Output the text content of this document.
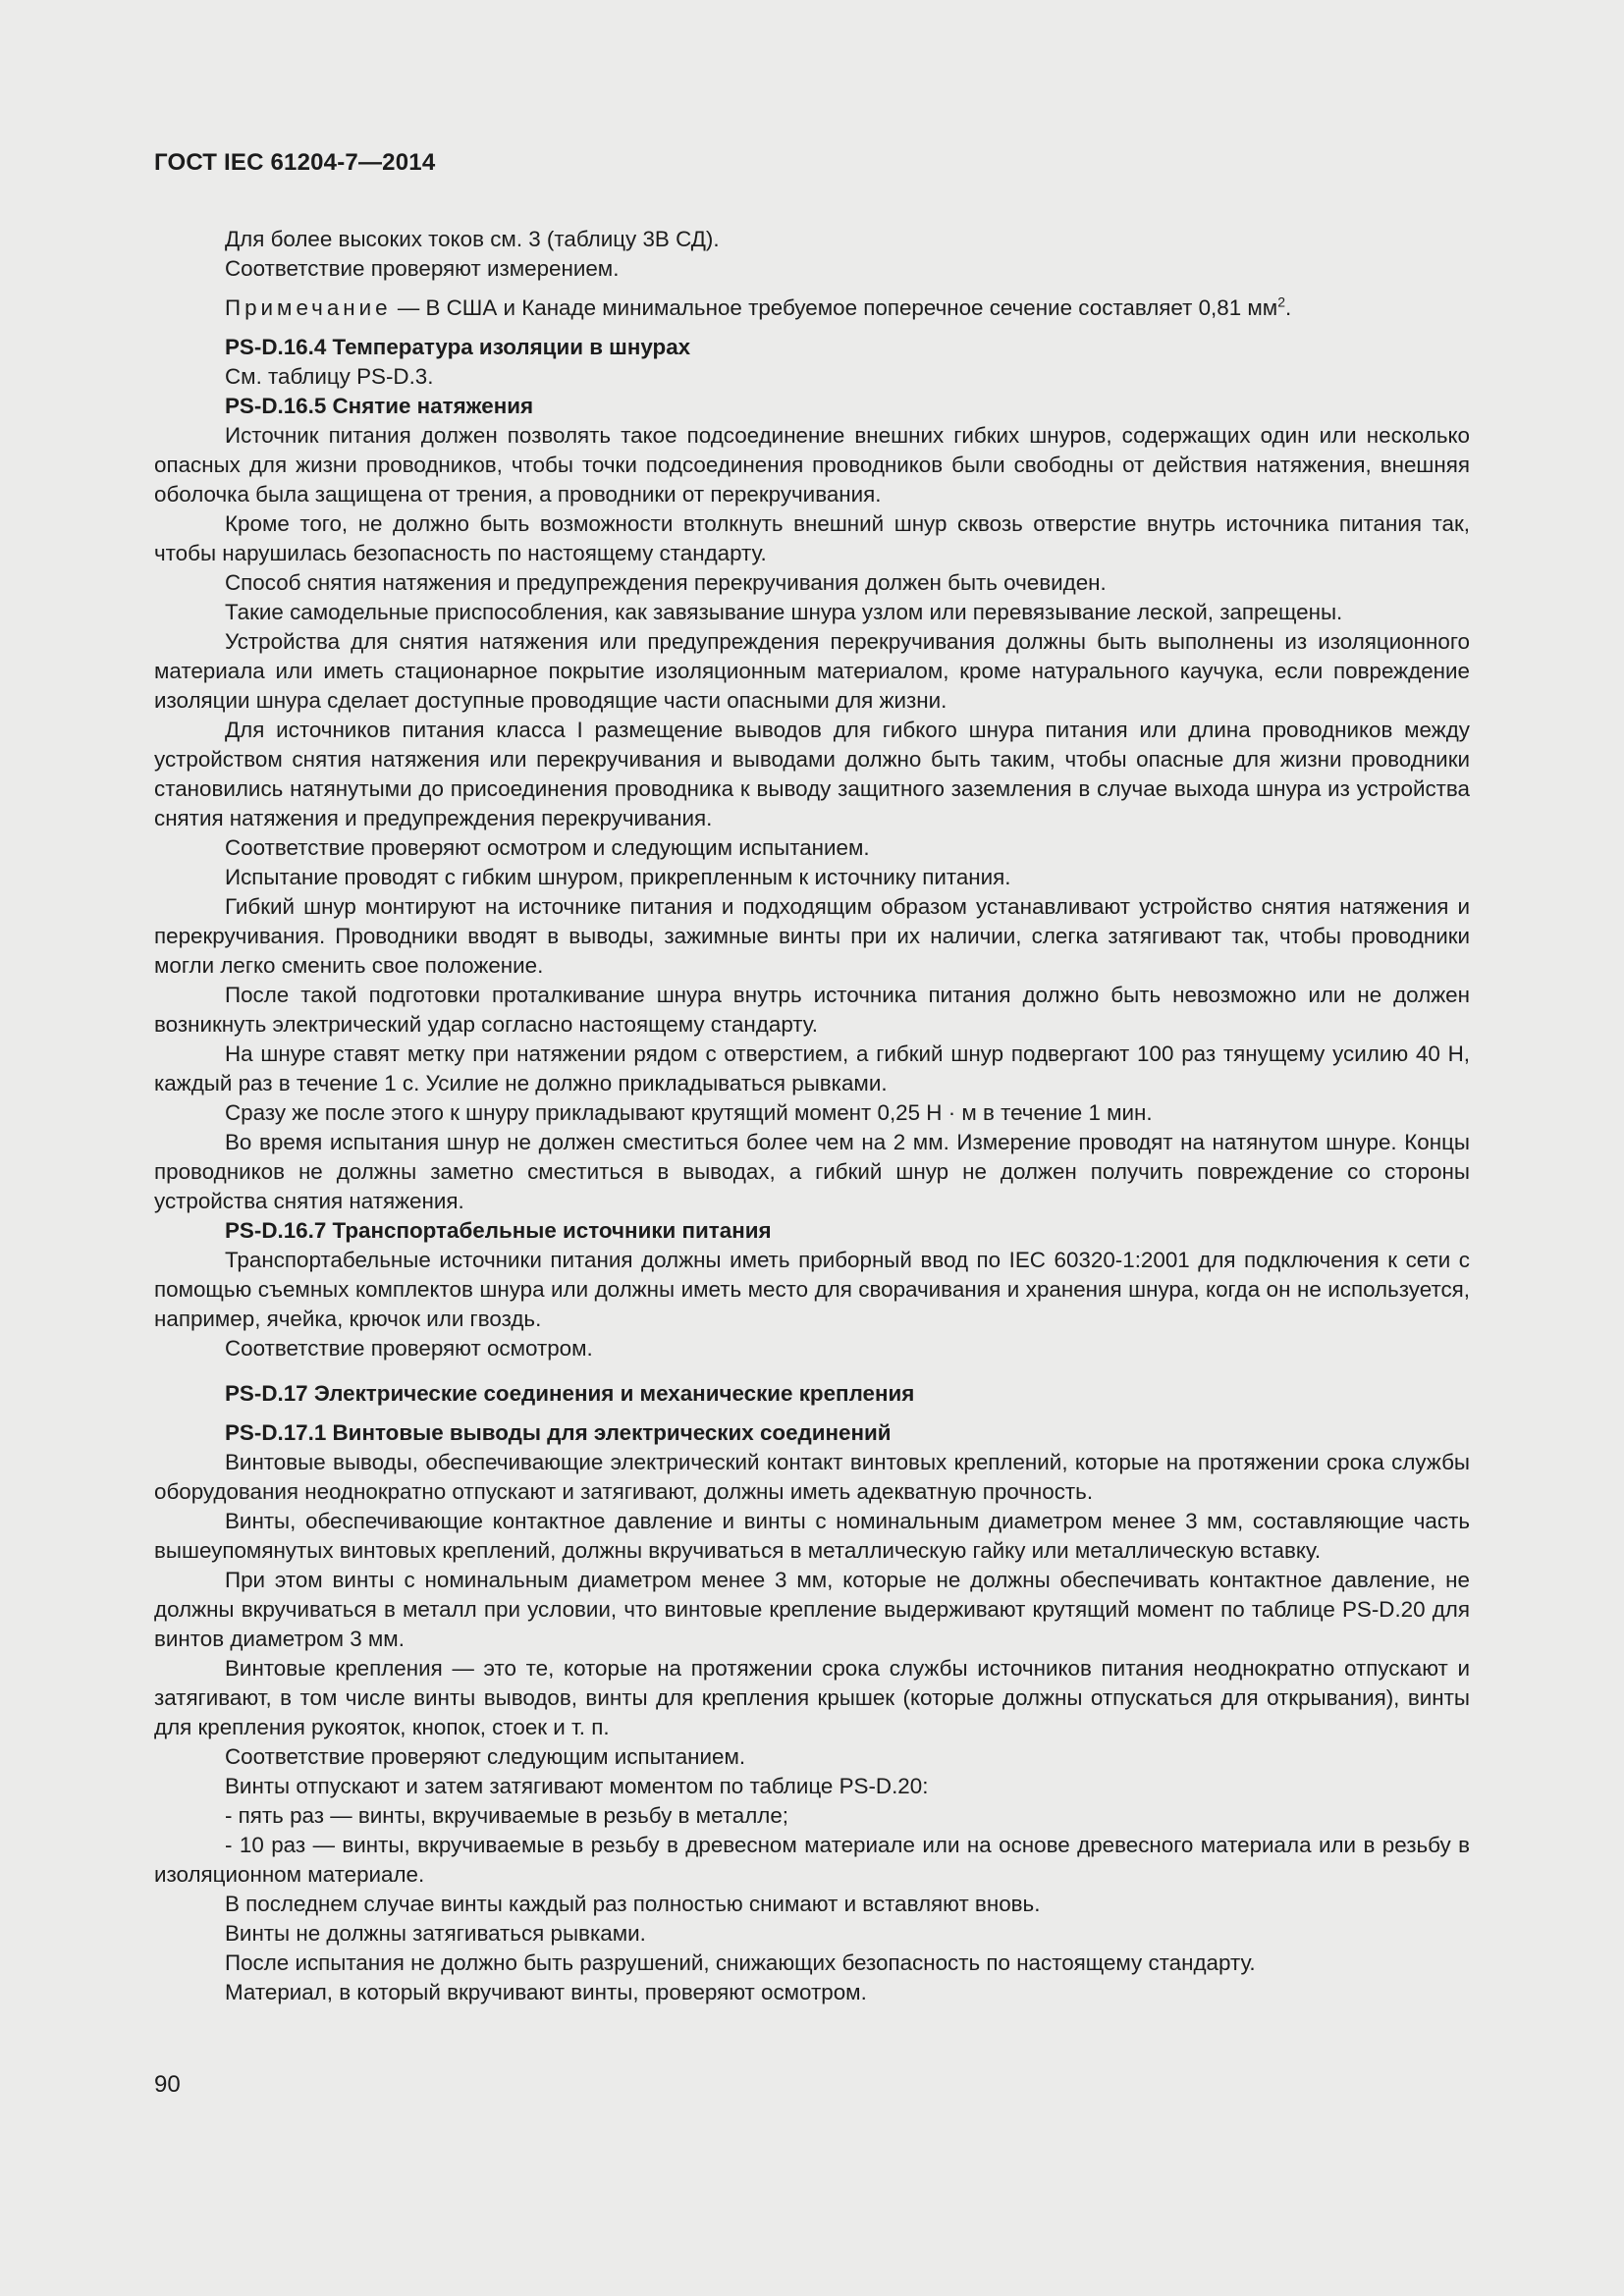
ГОСТ IEC 61204-7—2014

Для более высоких токов см. 3 (таблицу 3В СД).

Соответствие проверяют измерением.

Примечание — В США и Канаде минимальное требуемое поперечное сечение составляет 0,81 $мм^2$.

PS-D.16.4 Температура изоляции в шнурах

См. таблицу PS-D.3.

PS-D.16.5 Снятие натяжения

Источник питания должен позволять такое подсоединение внешних гибких шнуров, содержащих один или несколько опасных для жизни проводников, чтобы точки подсоединения проводников были свободны от действия натяжения, внешняя оболочка была защищена от трения, а проводники от перекручивания.

Кроме того, не должно быть возможности втолкнуть внешний шнур сквозь отверстие внутрь источника питания так, чтобы нарушилась безопасность по настоящему стандарту.

Способ снятия натяжения и предупреждения перекручивания должен быть очевиден.

Такие самодельные приспособления, как завязывание шнура узлом или перевязывание леской, запрещены.

Устройства для снятия натяжения или предупреждения перекручивания должны быть выполнены из изоляционного материала или иметь стационарное покрытие изоляционным материалом, кроме натурального каучука, если повреждение изоляции шнура сделает доступные проводящие части опасными для жизни.

Для источников питания класса I размещение выводов для гибкого шнура питания или длина проводников между устройством снятия натяжения или перекручивания и выводами должно быть таким, чтобы опасные для жизни проводники становились натянутыми до присоединения проводника к выводу защитного заземления в случае выхода шнура из устройства снятия натяжения и предупреждения перекручивания.

Соответствие проверяют осмотром и следующим испытанием.

Испытание проводят с гибким шнуром, прикрепленным к источнику питания.

Гибкий шнур монтируют на источнике питания и подходящим образом устанавливают устройство снятия натяжения и перекручивания. Проводники вводят в выводы, зажимные винты при их наличии, слегка затягивают так, чтобы проводники могли легко сменить свое положение.

После такой подготовки проталкивание шнура внутрь источника питания должно быть невозможно или не должен возникнуть электрический удар согласно настоящему стандарту.

На шнуре ставят метку при натяжении рядом с отверстием, а гибкий шнур подвергают 100 раз тянущему усилию 40 Н, каждый раз в течение 1 с. Усилие не должно прикладываться рывками.

Сразу же после этого к шнуру прикладывают крутящий момент 0,25 Н · м в течение 1 мин.

Во время испытания шнур не должен сместиться более чем на 2 мм. Измерение проводят на натянутом шнуре. Концы проводников не должны заметно сместиться в выводах, а гибкий шнур не должен получить повреждение со стороны устройства снятия натяжения.

PS-D.16.7 Транспортабельные источники питания

Транспортабельные источники питания должны иметь приборный ввод по IEC 60320-1:2001 для подключения к сети с помощью съемных комплектов шнура или должны иметь место для сворачивания и хранения шнура, когда он не используется, например, ячейка, крючок или гвоздь.

Соответствие проверяют осмотром.

PS-D.17 Электрические соединения и механические крепления

PS-D.17.1 Винтовые выводы для электрических соединений

Винтовые выводы, обеспечивающие электрический контакт винтовых креплений, которые на протяжении срока службы оборудования неоднократно отпускают и затягивают, должны иметь адекватную прочность.

Винты, обеспечивающие контактное давление и винты с номинальным диаметром менее 3 мм, составляющие часть вышеупомянутых винтовых креплений, должны вкручиваться в металлическую гайку или металлическую вставку.

При этом винты с номинальным диаметром менее 3 мм, которые не должны обеспечивать контактное давление, не должны вкручиваться в металл при условии, что винтовые крепление выдерживают крутящий момент по таблице PS-D.20 для винтов диаметром 3 мм.

Винтовые крепления — это те, которые на протяжении срока службы источников питания неоднократно отпускают и затягивают, в том числе винты выводов, винты для крепления крышек (которые должны отпускаться для открывания), винты для крепления рукояток, кнопок, стоек и т. п.

Соответствие проверяют следующим испытанием.

Винты отпускают и затем затягивают моментом по таблице PS-D.20:

- пять раз — винты, вкручиваемые в резьбу в металле;

- 10 раз — винты, вкручиваемые в резьбу в древесном материале или на основе древесного материала или в резьбу в изоляционном материале.

В последнем случае винты каждый раз полностью снимают и вставляют вновь.

Винты не должны затягиваться рывками.

После испытания не должно быть разрушений, снижающих безопасность по настоящему стандарту.

Материал, в который вкручивают винты, проверяют осмотром.

90
